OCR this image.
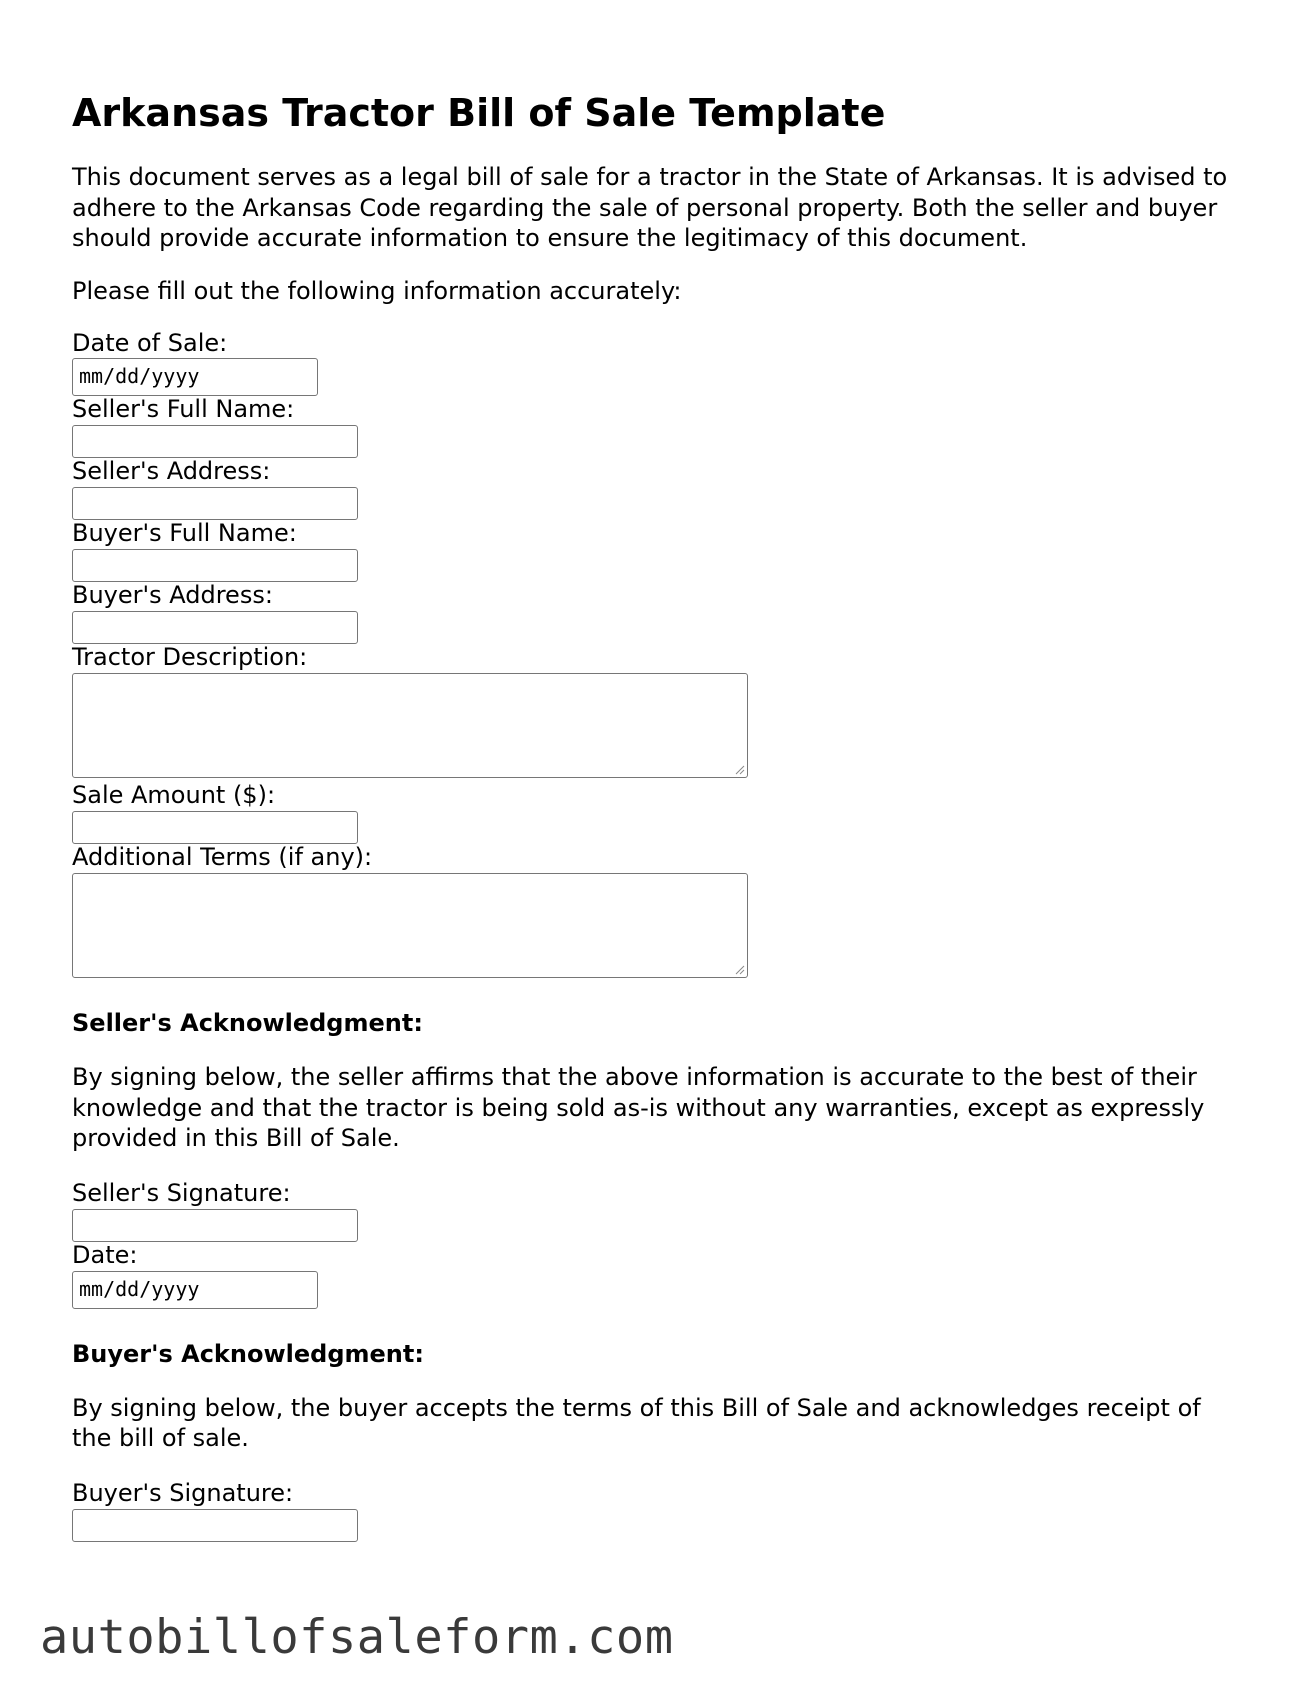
Arkansas Tractor Bill of Sale Template

This document serves as a legal bill of sale for a tractor in the State of Arkansas. It is advised to adhere to the Arkansas Code regarding the sale of personal property. Both the seller and buyer should provide accurate information to ensure the legitimacy of this document.

Please fill out the following information accurately:

Date of Sale:
mm/dd/yyyy
Seller's Full Name:
Seller's Address:
Buyer's Full Name:
Buyer's Address:
Tractor Description:
Sale Amount ($):
Additional Terms (if any):

Seller's Acknowledgment:

By signing below, the seller affirms that the above information is accurate to the best of their knowledge and that the tractor is being sold as-is without any warranties, except as expressly provided in this Bill of Sale.

Seller's Signature:
Date:
mm/dd/yyyy

Buyer's Acknowledgment:

By signing below, the buyer accepts the terms of this Bill of Sale and acknowledges receipt of the bill of sale.

Buyer's Signature:
autobillofsaleform.com
